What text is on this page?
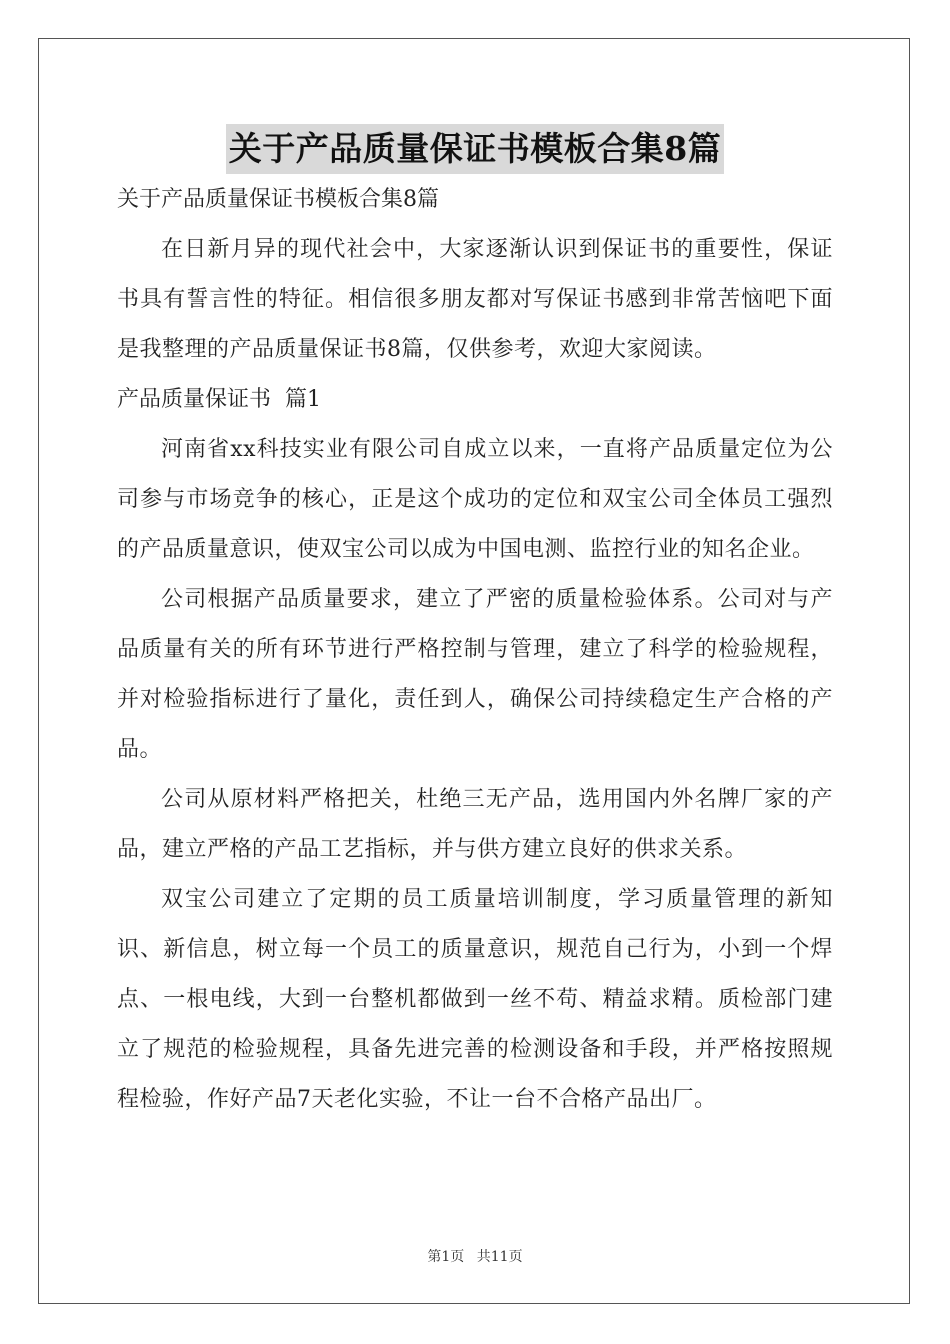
关于产品质量保证书模板合集8篇

关于产品质量保证书模板合集8篇

在日新月异的现代社会中，大家逐渐认识到保证书的重要性，保证书具有誓言性的特征。相信很多朋友都对写保证书感到非常苦恼吧下面是我整理的产品质量保证书8篇，仅供参考，欢迎大家阅读。

产品质量保证书  篇1

河南省xx科技实业有限公司自成立以来，一直将产品质量定位为公司参与市场竞争的核心，正是这个成功的定位和双宝公司全体员工强烈的产品质量意识，使双宝公司以成为中国电测、监控行业的知名企业。

公司根据产品质量要求，建立了严密的质量检验体系。公司对与产品质量有关的所有环节进行严格控制与管理，建立了科学的检验规程，并对检验指标进行了量化，责任到人，确保公司持续稳定生产合格的产品。

公司从原材料严格把关，杜绝三无产品，选用国内外名牌厂家的产品，建立严格的产品工艺指标，并与供方建立良好的供求关系。

双宝公司建立了定期的员工质量培训制度，学习质量管理的新知识、新信息，树立每一个员工的质量意识，规范自己行为，小到一个焊点、一根电线，大到一台整机都做到一丝不苟、精益求精。质检部门建立了规范的检验规程，具备先进完善的检测设备和手段，并严格按照规程检验，作好产品7天老化实验，不让一台不合格产品出厂。

第1页 共11页
